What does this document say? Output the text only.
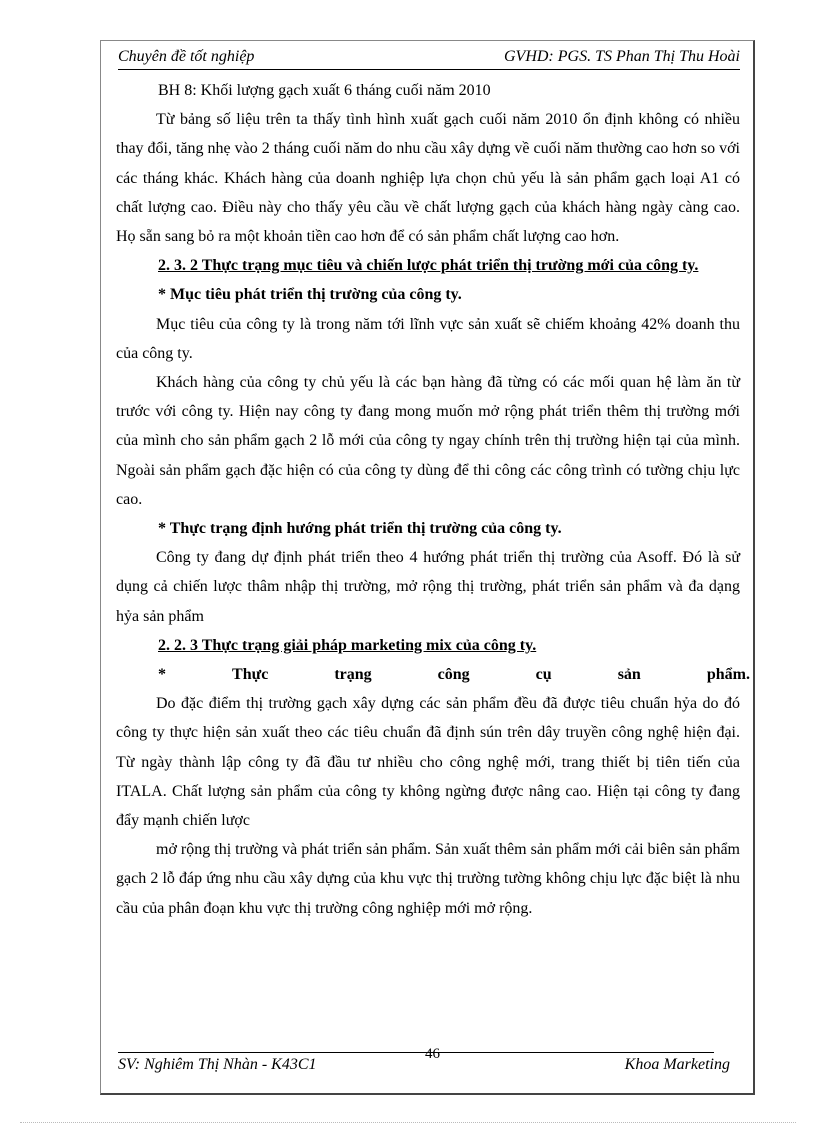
Chuyên đề tốt nghiệp	GVHD: PGS. TS Phan Thị Thu Hoài

BH 8: Khối lượng gạch xuất 6 tháng cuối năm 2010

Từ bảng số liệu trên ta thấy tình hình xuất gạch cuối năm 2010 ổn định không có nhiều thay đổi, tăng nhẹ vào 2 tháng cuối năm do nhu cầu xây dựng về cuối năm thường cao hơn so với các tháng khác. Khách hàng của doanh nghiệp lựa chọn chủ yếu là sản phẩm gạch loại A1 có chất lượng cao. Điều này cho thấy yêu cầu về chất lượng gạch của khách hàng ngày càng cao. Họ sẵn sang bỏ ra một khoản tiền cao hơn để có sản phẩm chất lượng cao hơn.

2. 3. 2 Thực trạng mục tiêu và chiến lược phát triển thị trường mới của công ty.

* Mục tiêu phát triển thị trường của công ty.

Mục tiêu của công ty là trong năm tới lĩnh vực sản xuất sẽ chiếm khoảng 42% doanh thu của công ty.

Khách hàng của công ty chủ yếu là các bạn hàng đã từng có các mối quan hệ làm ăn từ trước với công ty. Hiện nay công ty đang mong muốn mở rộng phát triển thêm thị trường mới của mình cho sản phẩm gạch 2 lỗ mới của công ty ngay chính trên thị trường hiện tại của mình. Ngoài sản phẩm gạch đặc hiện có của công ty dùng để thi công các công trình có tường chịu lực cao.

* Thực trạng định hướng phát triển thị trường của công ty.

Công ty đang dự định phát triển theo 4 hướng phát triển thị trường của Asoff. Đó là sử dụng cả chiến lược thâm nhập thị trường, mở rộng thị trường, phát triển sản phẩm và đa dạng hỷa sản phẩm

2. 2. 3 Thực trạng giải pháp marketing mix của công ty.

*	Thực	trạng	công	cụ	sản	phẩm.

Do đặc điểm thị trường gạch xây dựng các sản phẩm đều đã được tiêu chuẩn hỷa do đó công ty thực hiện sản xuất theo các tiêu chuẩn đã định sún trên dây truyền công nghệ hiện đại. Từ ngày thành lập công ty đã đầu tư nhiều cho công nghệ mới, trang thiết bị tiên tiến của ITALA. Chất lượng sản phẩm của công ty không ngừng được nâng cao. Hiện tại công ty đang đẩy mạnh chiến lược

mở rộng thị trường và phát triển sản phẩm. Sản xuất thêm sản phẩm mới cải biên sản phẩm gạch 2 lỗ đáp ứng nhu cầu xây dựng của khu vực thị trường tường không chịu lực đặc biệt là nhu cầu của phân đoạn khu vực thị trường công nghiệp mới mở rộng.

SV: Nghiêm Thị Nhàn - K43C1
46
Khoa Marketing
